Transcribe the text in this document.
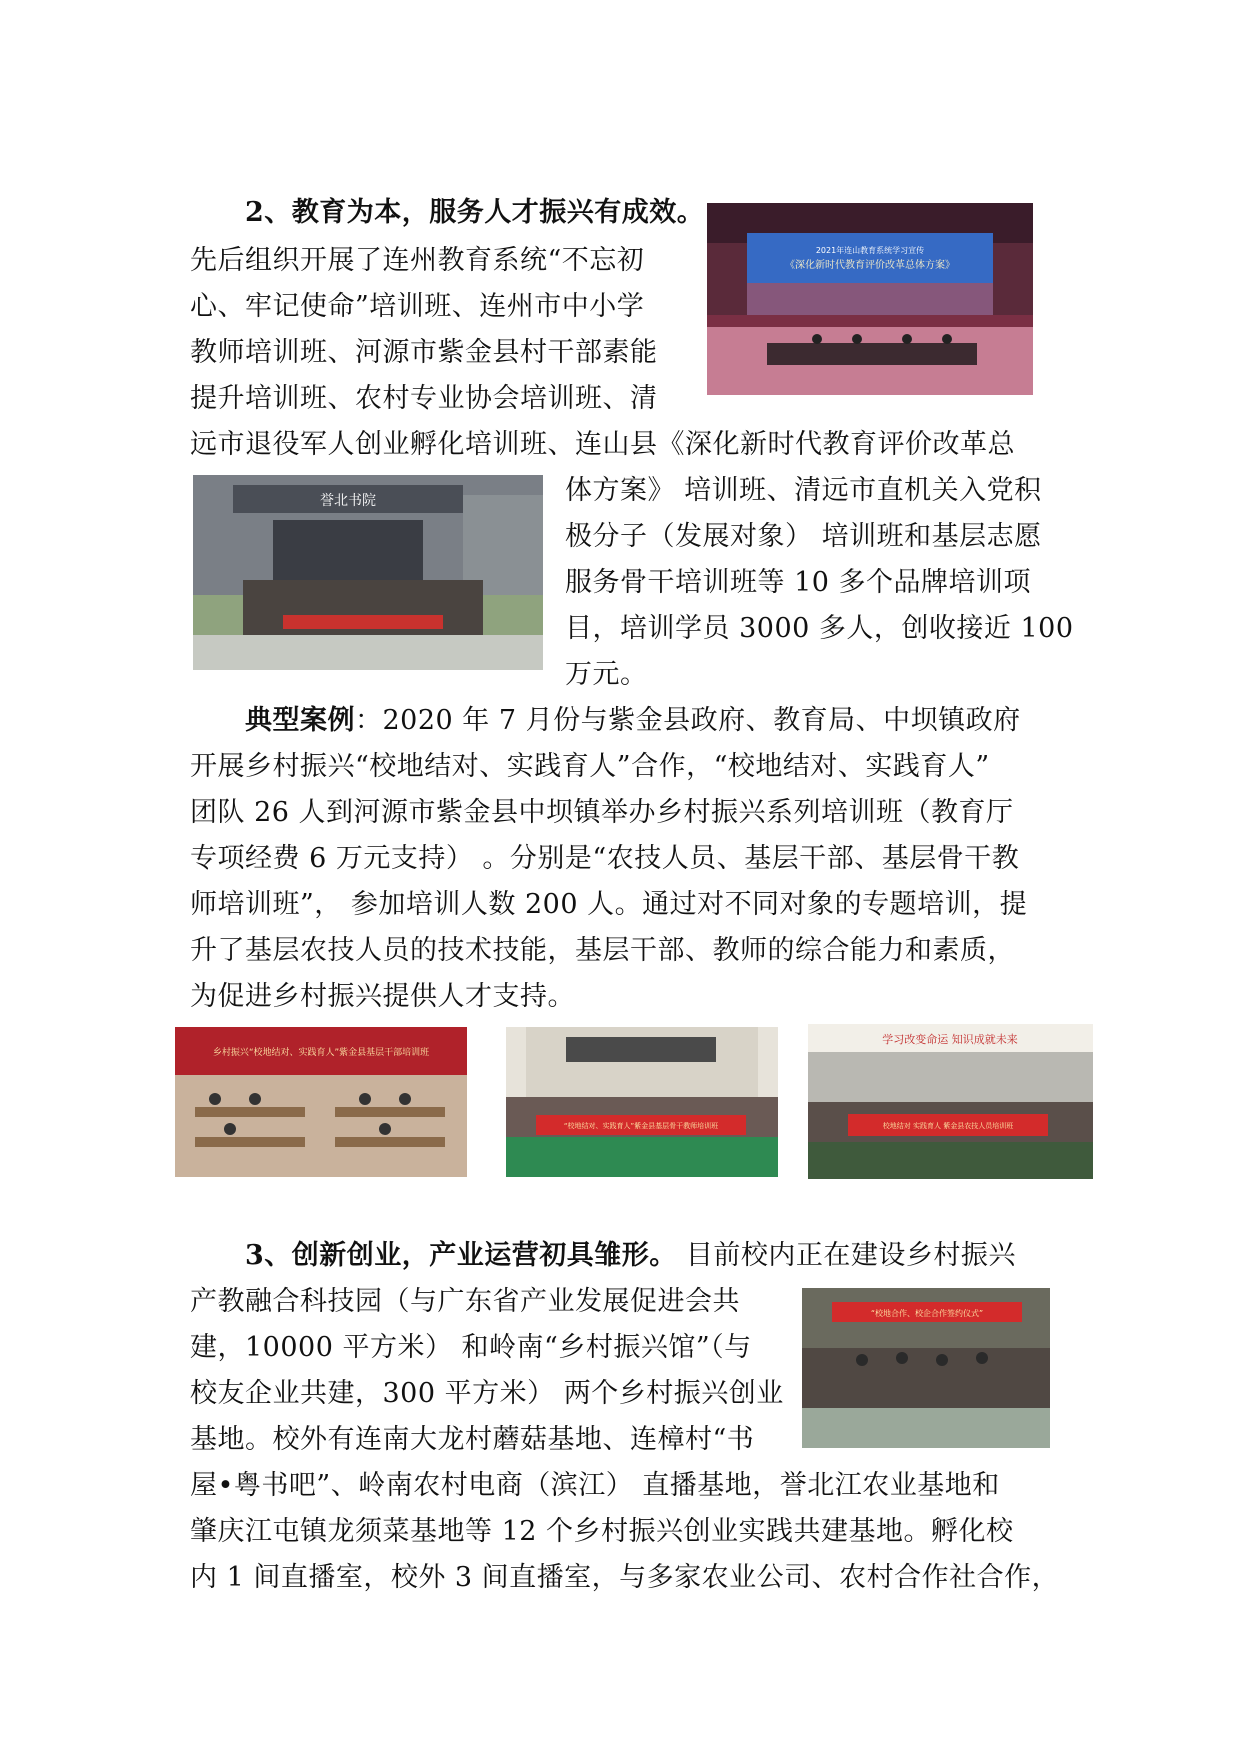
2、教育为本，服务人才振兴有成效。
先后组织开展了连州教育系统“不忘初
心、牢记使命”培训班、连州市中小学
教师培训班、河源市紫金县村干部素能
提升培训班、农村专业协会培训班、清
远市退役军人创业孵化培训班、连山县《深化新时代教育评价改革总
体方案》 培训班、清远市直机关入党积
极分子（发展对象） 培训班和基层志愿
服务骨干培训班等 10 多个品牌培训项
目，培训学员 3000 多人，创收接近 100
万元。
典型案例：2020 年 7 月份与紫金县政府、教育局、中坝镇政府
开展乡村振兴“校地结对、实践育人”合作，“校地结对、实践育人”
团队 26 人到河源市紫金县中坝镇举办乡村振兴系列培训班（教育厅
专项经费 6 万元支持） 。分别是“农技人员、基层干部、基层骨干教
师培训班”， 参加培训人数 200 人。通过对不同对象的专题培训，提
升了基层农技人员的技术技能，基层干部、教师的综合能力和素质，
为促进乡村振兴提供人才支持。
2021年连山教育系统学习宣传
《深化新时代教育评价改革总体方案》
誉北书院
乡村振兴“校地结对、实践育人”紫金县基层干部培训班
“校地结对、实践育人”紫金县基层骨干教师培训班
学习改变命运 知识成就未来
校地结对 实践育人 紫金县农技人员培训班
3、创新创业，产业运营初具雏形。 目前校内正在建设乡村振兴
产教融合科技园（与广东省产业发展促进会共
建，10000 平方米） 和岭南“乡村振兴馆”（与
校友企业共建，300 平方米） 两个乡村振兴创业
基地。校外有连南大龙村蘑菇基地、连樟村“书
屋•粤书吧”、岭南农村电商（滨江） 直播基地，誉北江农业基地和
肇庆江屯镇龙须菜基地等 12 个乡村振兴创业实践共建基地。孵化校
内 1 间直播室，校外 3 间直播室，与多家农业公司、农村合作社合作，
“校地合作、校企合作签约仪式”
